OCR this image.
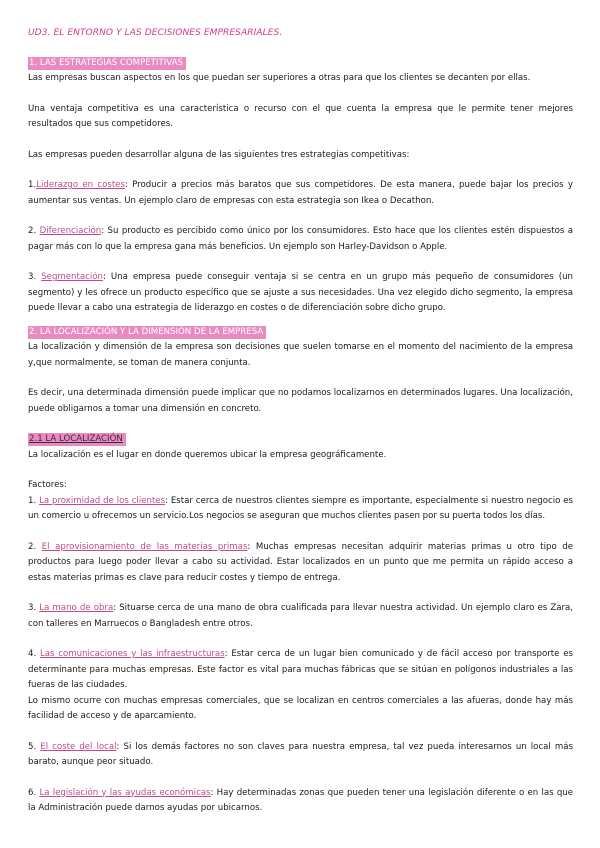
UD3. EL ENTORNO Y LAS DECISIONES EMPRESARIALES.
1. LAS ESTRATEGIAS COMPETITIVAS

Las empresas buscan aspectos en los que puedan ser superiores a otras para que los clientes se decanten por ellas.

Una ventaja competitiva es una característica o recurso con el que cuenta la empresa que le permite tener mejores resultados que sus competidores.

Las empresas pueden desarrollar alguna de las siguientes tres estrategias competitivas:

1.Liderazgo en costes: Producir a precios más baratos que sus competidores. De esta manera, puede bajar los precios y aumentar sus ventas. Un ejemplo claro de empresas con esta estrategia son Ikea o Decathon.

2. Diferenciación: Su producto es percibido como único por los consumidores. Esto hace que los clientes estén dispuestos a pagar más con lo que la empresa gana más beneficios. Un ejemplo son Harley-Davidson o Apple.

3. Segmentación: Una empresa puede conseguir ventaja si se centra en un grupo más pequeño de consumidores (un segmento) y les ofrece un producto específico que se ajuste a sus necesidades. Una vez elegido dicho segmento, la empresa puede llevar a cabo una estrategia de liderazgo en costes o de diferenciación sobre dicho grupo.

2. LA LOCALIZACIÓN Y LA DIMENSIÓN DE LA EMPRESA

La localización y dimensión de la empresa son decisiones que suelen tomarse en el momento del nacimiento de la empresa y,que normalmente, se toman de manera conjunta.

Es decir, una determinada dimensión puede implicar que no podamos localizarnos en determinados lugares. Una localización, puede obligarnos a tomar una dimensión en concreto.

2.1 LA LOCALIZACIÓN

La localización es el lugar en donde queremos ubicar la empresa geográficamente.

Factores:

1. La proximidad de los clientes: Estar cerca de nuestros clientes siempre es importante, especialmente si nuestro negocio es un comercio u ofrecemos un servicio.Los negocios se aseguran que muchos clientes pasen por su puerta todos los días.

2. El aprovisionamiento de las materias primas: Muchas empresas necesitan adquirir materias primas u otro tipo de productos para luego poder llevar a cabo su actividad. Estar localizados en un punto que me permita un rápido acceso a estas materias primas es clave para reducir costes y tiempo de entrega.

3. La mano de obra: Situarse cerca de una mano de obra cualificada para llevar nuestra actividad. Un ejemplo claro es Zara, con talleres en Marruecos o Bangladesh entre otros.

4. Las comunicaciones y las infraestructuras: Estar cerca de un lugar bien comunicado y de fácil acceso por transporte es determinante para muchas empresas. Este factor es vital para muchas fábricas que se sitúan en polígonos industriales a las fueras de las ciudades.

Lo mismo ocurre con muchas empresas comerciales, que se localizan en centros comerciales a las afueras, donde hay más facilidad de acceso y de aparcamiento.

5. El coste del local: Si los demás factores no son claves para nuestra empresa, tal vez pueda interesarnos un local más barato, aunque peor situado.

6. La legislación y las ayudas económicas: Hay determinadas zonas que pueden tener una legislación diferente o en las que la Administración puede darnos ayudas por ubicarnos.
